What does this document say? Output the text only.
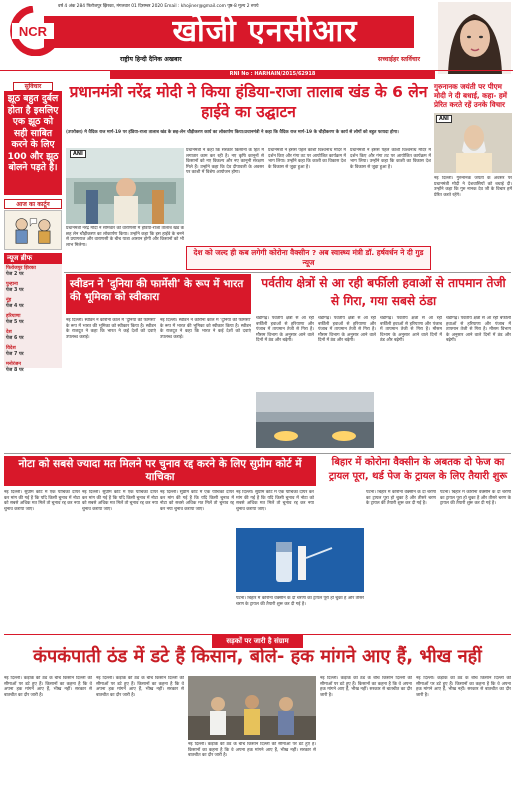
वर्ष 4 अंक 284 फिरोजपुर झिरका, मंगलवार 01 दिसम्बर 2020 Email : khojiner@gmail.com पृष्ठ-8 मूल्य 2 रुपये
NCR	खोजी एनसीआर
राष्ट्रीय हिन्दी दैनिक अखबार	सच्चाईहर स्तर्विचार
RNI No : HARHAIN/2015/62918
सुविचार
झूठ बहुत दुर्बल होता है इसलिए एक झूठ को सही साबित करने के लिए 100 और झूठ बोलने पड़ते है।
आज का कार्टून
न्यूज ब्रीफ
फिरोजपुर झिरका
पेज 2 पर
पुन्हाना
पेज 3 पर
नूंह
पेज 4 पर
हरियाणा
पेज 5 पर
देश
पेज 6 पर
विदेश
पेज 7 पर
मनोरंजन
पेज 8 पर
प्रधानमंत्री नरेंद्र मोदी ने किया हंडिया-राजा तालाब खंड के 6 लेन हाईवे का उद्घाटन
(उपरोक्त) मे वैदिक राज मार्ग-19 पर हंडिया-राजा तालाब खंड के छह-लेन चौड़ीकरण कार्य का लोकार्पण किया।प्रधानमंत्री ने कहा कि वैदिक राज मार्ग-19 के चौड़ीकरण के कार्य से लोगों को बहुत फायदा होगा।
ANI
प्रधानमंत्री नरेंद्र मोदी ने सोमवार को वाराणसी में हंडिया-राजा तालाब खंड के छह लेन चौड़ीकरण का लोकार्पण किया। उन्होंने कहा कि इस हाईवे के बनने से प्रयागराज और वाराणसी के बीच यात्रा आसान होगी और किसानों को भी लाभ मिलेगा।
प्रधानमंत्री ने कहा कि सरकार किसानों के हित में लगातार काम कर रही है। नए कृषि कानूनों से किसानों को नए विकल्प और नए कानूनी संरक्षण मिले हैं। उन्होंने कहा कि देव दीपावली के अवसर पर काशी में विशेष आयोजन होगा।
प्रधानमंत्री ने इससे पहले काशी विश्वनाथ मंदिर में दर्शन किए और गंगा तट पर आयोजित कार्यक्रम में भाग लिया। उन्होंने कहा कि काशी का विकास देश के विकास से जुड़ा हुआ है।
प्रधानमंत्री ने इससे पहले काशी विश्वनाथ मंदिर में दर्शन किए और गंगा तट पर आयोजित कार्यक्रम में भाग लिया। उन्होंने कहा कि काशी का विकास देश के विकास से जुड़ा हुआ है।
देश को जल्द ही कब लगेगी कोरोना वैक्सीन ? अब स्वास्थ्य मंत्री डॉ. हर्षवर्धन ने दी गुड न्यूज
गुरुनानक जयंती पर पीएम मोदी ने दी बधाई, कहा- हमें प्रेरित करते रहें उनके विचार
ANI
नई दिल्ली। गुरुनानक जयंती के अवसर पर प्रधानमंत्री मोदी ने देशवासियों को बधाई दी। उन्होंने कहा कि गुरु नानक देव जी के विचार हमें प्रेरित करते रहेंगे।
स्वीडन ने 'दुनिया की फार्मेसी' के रूप में भारत की भूमिका को स्वीकारा
नई दिल्ली। स्वीडन ने कोरोना काल में 'दुनिया की फार्मेसी' के रूप में भारत की भूमिका को स्वीकार किया है। स्वीडन के राजदूत ने कहा कि भारत ने कई देशों को दवाएं उपलब्ध कराई।
नई दिल्ली। स्वीडन ने कोरोना काल में 'दुनिया की फार्मेसी' के रूप में भारत की भूमिका को स्वीकार किया है। स्वीडन के राजदूत ने कहा कि भारत ने कई देशों को दवाएं उपलब्ध कराई।
पर्वतीय क्षेत्रों से आ रही बर्फीली हवाओं से तापमान तेजी से गिरा, गया सबसे ठंडा
चंडीगढ़। पर्वतीय क्षेत्रों से आ रही बर्फीली हवाओं से हरियाणा और पंजाब में तापमान तेजी से गिरा है। मौसम विभाग के अनुसार आने वाले दिनों में ठंड और बढ़ेगी।
चंडीगढ़। पर्वतीय क्षेत्रों से आ रही बर्फीली हवाओं से हरियाणा और पंजाब में तापमान तेजी से गिरा है। मौसम विभाग के अनुसार आने वाले दिनों में ठंड और बढ़ेगी।
चंडीगढ़। पर्वतीय क्षेत्रों से आ रही बर्फीली हवाओं से हरियाणा और पंजाब में तापमान तेजी से गिरा है। मौसम विभाग के अनुसार आने वाले दिनों में ठंड और बढ़ेगी।
चंडीगढ़। पर्वतीय क्षेत्रों से आ रही बर्फीली हवाओं से हरियाणा और पंजाब में तापमान तेजी से गिरा है। मौसम विभाग के अनुसार आने वाले दिनों में ठंड और बढ़ेगी।
नोटा को सबसे ज्यादा मत मिलने पर चुनाव रद्द करने के लिए सुप्रीम कोर्ट में याचिका
नई दिल्ली। सुप्रीम कोर्ट में एक याचिका दायर कर मांग की गई है कि यदि किसी चुनाव में नोटा को सबसे अधिक मत मिलें तो चुनाव रद्द कर नया चुनाव कराया जाए।
नई दिल्ली। सुप्रीम कोर्ट में एक याचिका दायर कर मांग की गई है कि यदि किसी चुनाव में नोटा को सबसे अधिक मत मिलें तो चुनाव रद्द कर नया चुनाव कराया जाए।
नई दिल्ली। सुप्रीम कोर्ट में एक याचिका दायर कर मांग की गई है कि यदि किसी चुनाव में नोटा को सबसे अधिक मत मिलें तो चुनाव रद्द कर नया चुनाव कराया जाए।
नई दिल्ली। सुप्रीम कोर्ट में एक याचिका दायर कर मांग की गई है कि यदि किसी चुनाव में नोटा को सबसे अधिक मत मिलें तो चुनाव रद्द कर नया चुनाव कराया जाए।
बिहार में कोरोना वैक्सीन के अबतक दो फेज का ट्रायल पूरा, थर्ड पेज के ट्रायल के लिए तैयारी शुरू
पटना। बिहार में कोरोना वैक्सीन के दो चरणों का ट्रायल पूरा हो चुका है और तीसरे चरण के ट्रायल की तैयारी शुरू कर दी गई है।
पटना। बिहार में कोरोना वैक्सीन के दो चरणों का ट्रायल पूरा हो चुका है और तीसरे चरण के ट्रायल की तैयारी शुरू कर दी गई है।
पटना। बिहार में कोरोना वैक्सीन के दो चरणों का ट्रायल पूरा हो चुका है और तीसरे चरण के ट्रायल की तैयारी शुरू कर दी गई है।
सड़कों पर जारी है संग्राम
कंपकंपाती ठंड में डटे हैं किसान, बोले- हक मांगने आए हैं, भीख नहीं
नई दिल्ली। कड़ाके की ठंड के बीच किसान दिल्ली की सीमाओं पर डटे हुए हैं। किसानों का कहना है कि वे अपना हक मांगने आए हैं, भीख नहीं। सरकार से बातचीत का दौर जारी है।
नई दिल्ली। कड़ाके की ठंड के बीच किसान दिल्ली की सीमाओं पर डटे हुए हैं। किसानों का कहना है कि वे अपना हक मांगने आए हैं, भीख नहीं। सरकार से बातचीत का दौर जारी है।
नई दिल्ली। कड़ाके की ठंड के बीच किसान दिल्ली की सीमाओं पर डटे हुए हैं। किसानों का कहना है कि वे अपना हक मांगने आए हैं, भीख नहीं। सरकार से बातचीत का दौर जारी है।
नई दिल्ली। कड़ाके की ठंड के बीच किसान दिल्ली की सीमाओं पर डटे हुए हैं। किसानों का कहना है कि वे अपना हक मांगने आए हैं, भीख नहीं। सरकार से बातचीत का दौर जारी है।
नई दिल्ली। कड़ाके की ठंड के बीच किसान दिल्ली की सीमाओं पर डटे हुए हैं। किसानों का कहना है कि वे अपना हक मांगने आए हैं, भीख नहीं। सरकार से बातचीत का दौर जारी है।
